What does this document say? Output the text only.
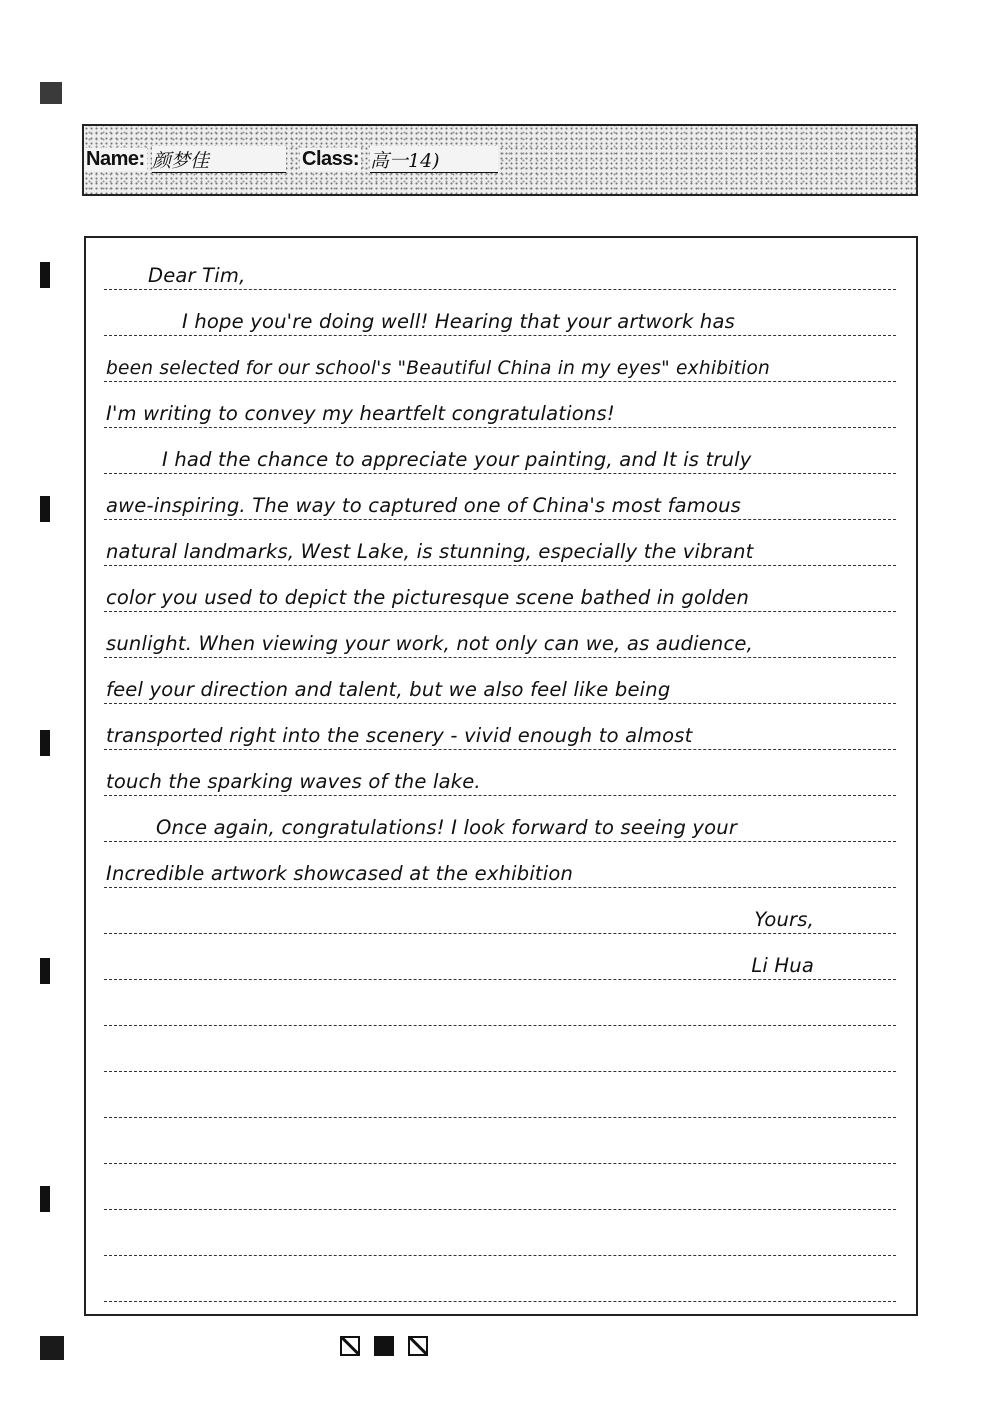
Name: 颜梦佳	Class: 高一14)
Dear Tim,
I hope you're doing well! Hearing that your artwork has
been selected for our school's "Beautiful China in my eyes" exhibition
I'm writing to convey my heartfelt congratulations!
I had the chance to appreciate your painting, and It is truly
awe-inspiring. The way to captured one of China's most famous
natural landmarks, West Lake, is stunning, especially the vibrant
color you used to depict the picturesque scene bathed in golden
sunlight. When viewing your work, not only can we, as audience,
feel your direction and talent, but we also feel like being
transported right into the scenery - vivid enough to almost
touch the sparking waves of the lake.
Once again, congratulations! I look forward to seeing your
Incredible artwork showcased at the exhibition
Yours,
Li Hua
